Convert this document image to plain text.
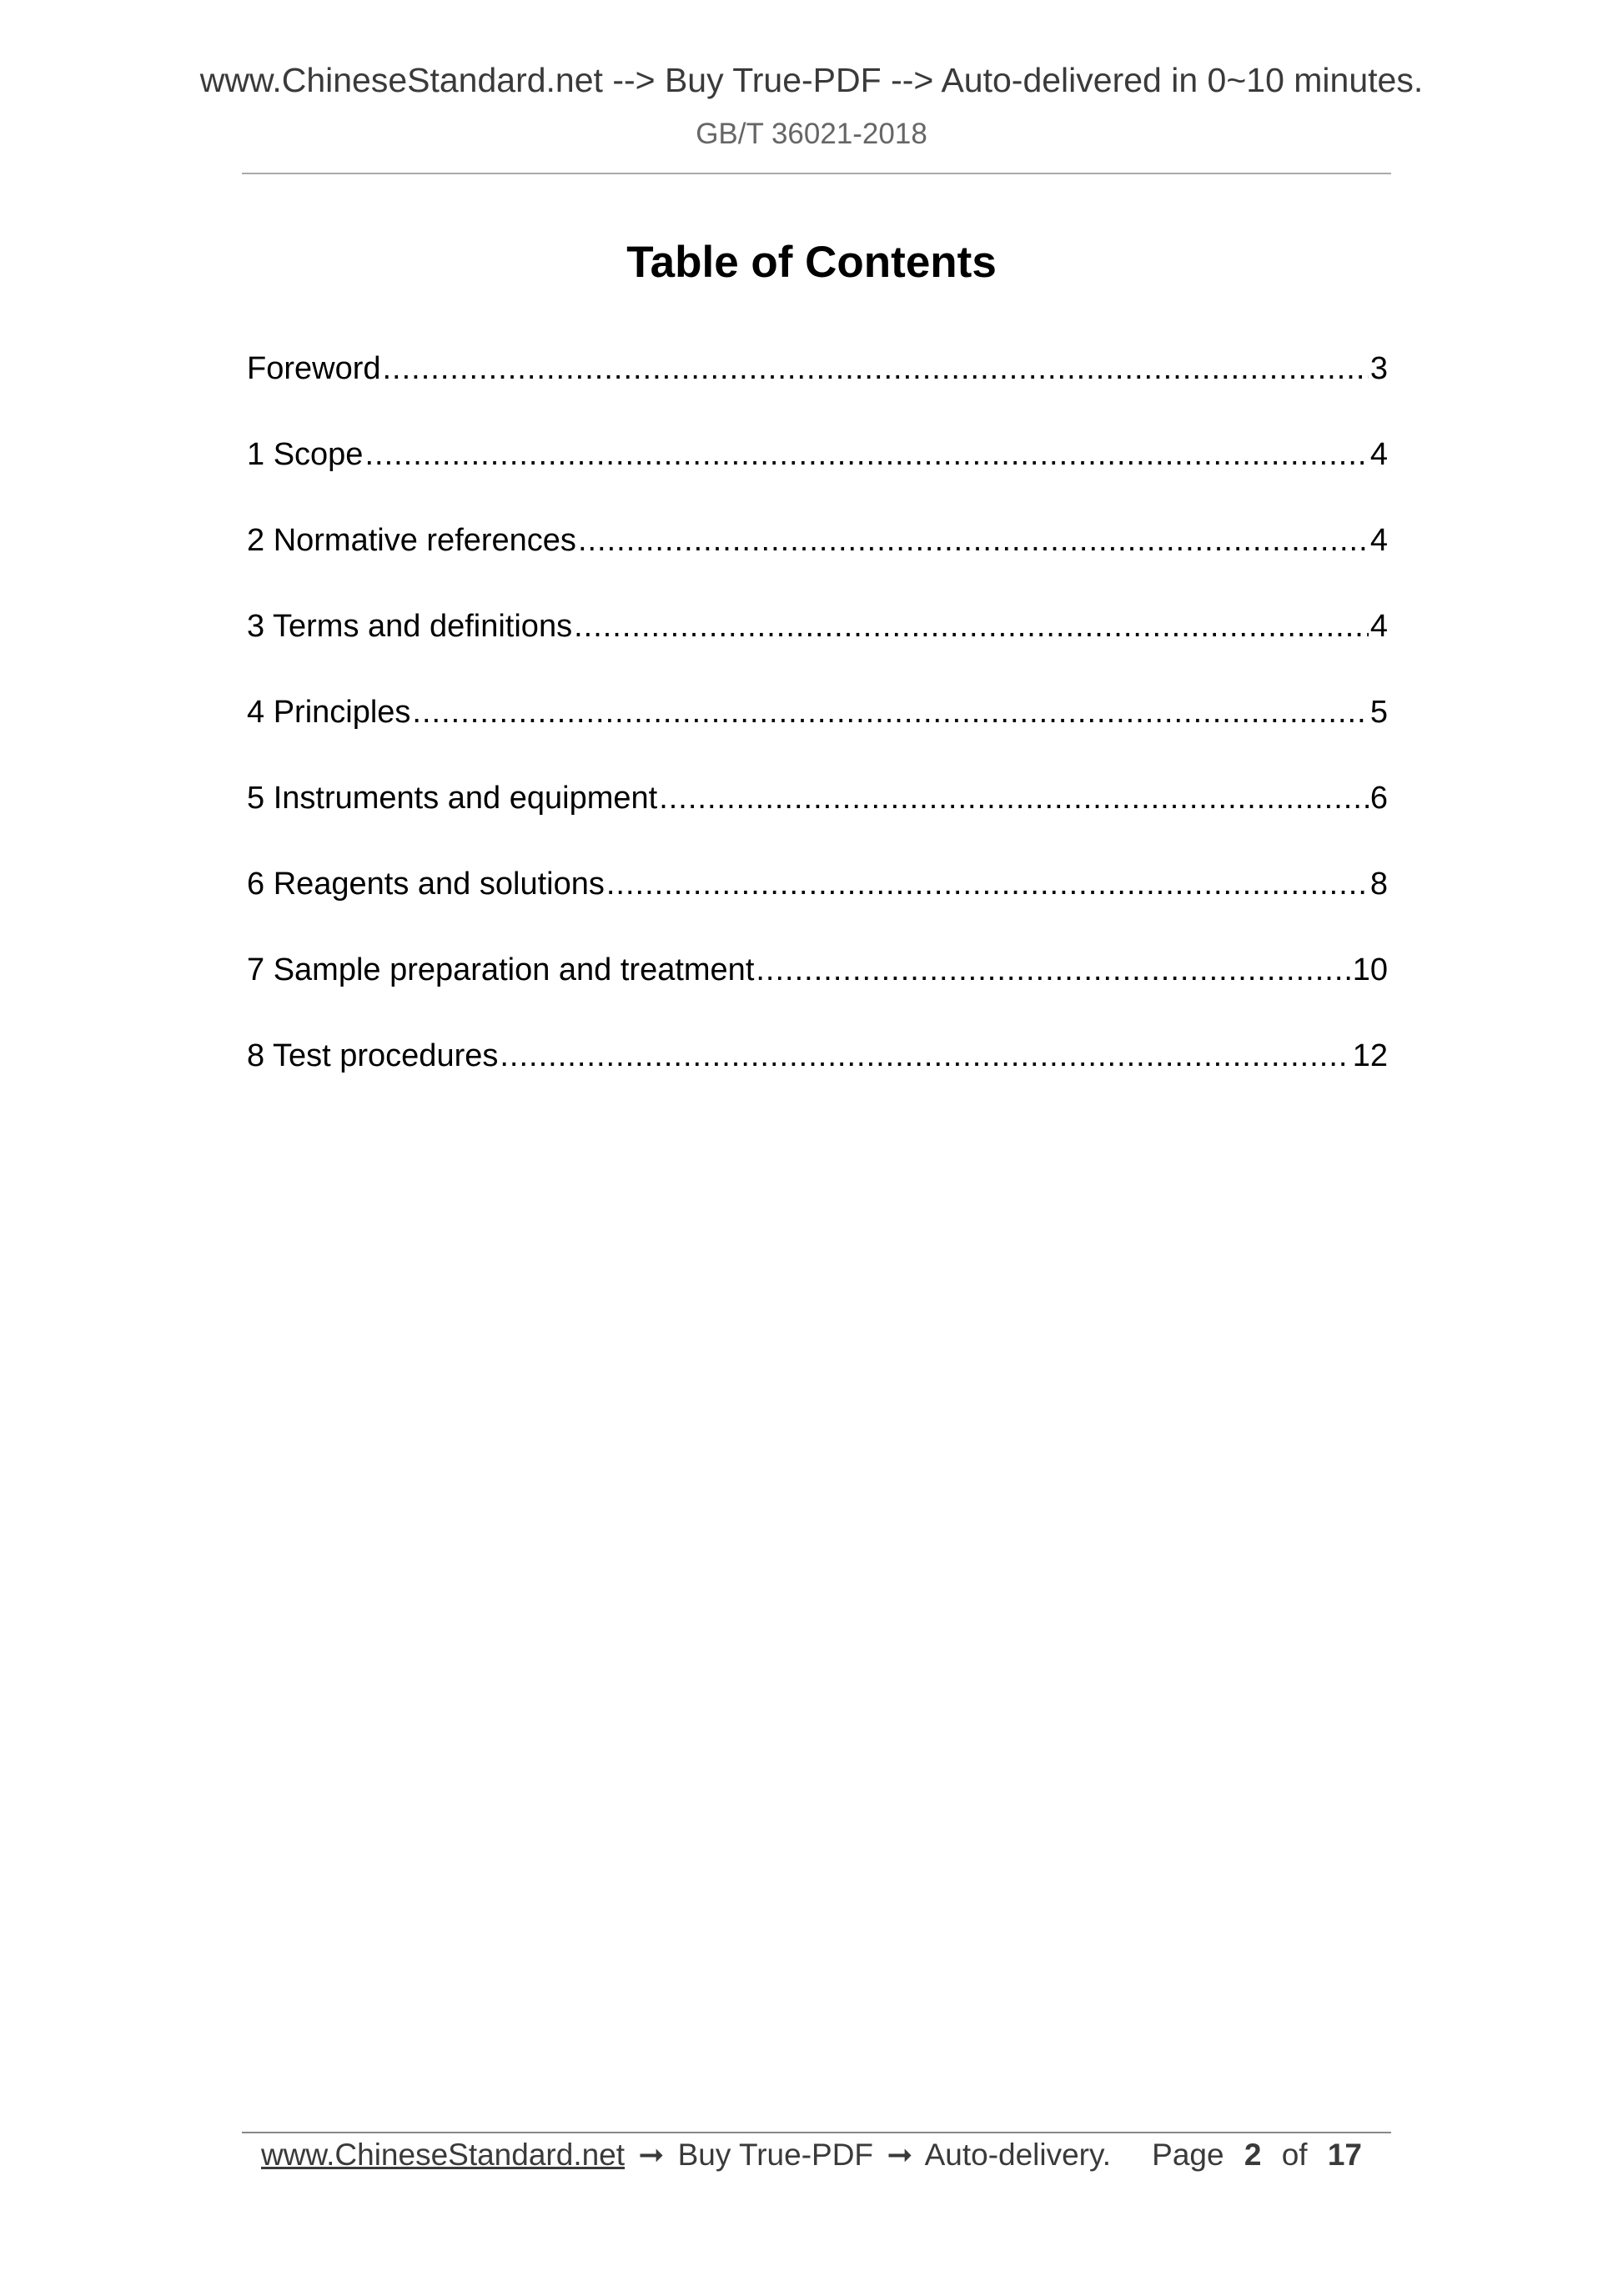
www.ChineseStandard.net --> Buy True-PDF --> Auto-delivered in 0~10 minutes.
GB/T 36021-2018
Table of Contents
Foreword .....	3
1 Scope .....	4
2 Normative references .....	4
3 Terms and definitions .....	4
4 Principles .....	5
5 Instruments and equipment .....	6
6 Reagents and solutions .....	8
7 Sample preparation and treatment .....	10
8 Test procedures .....	12
www.ChineseStandard.net ➞ Buy True-PDF ➞ Auto-delivery. Page 2 of 17
